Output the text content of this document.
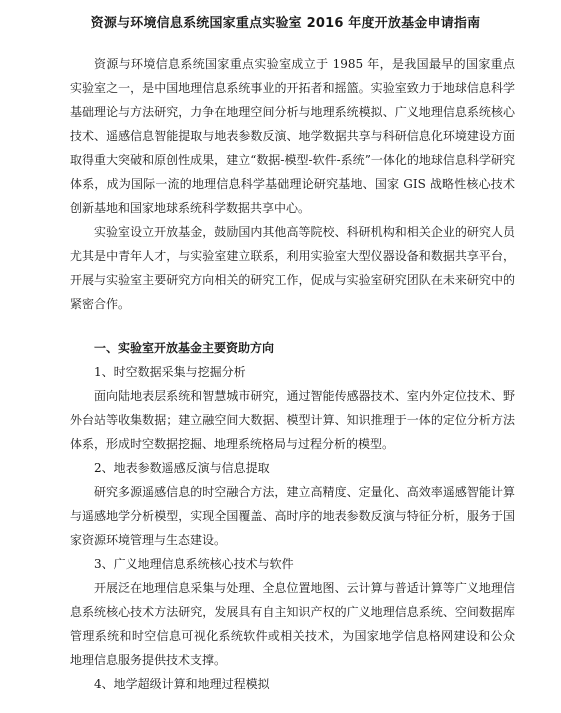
资源与环境信息系统国家重点实验室 2016 年度开放基金申请指南

资源与环境信息系统国家重点实验室成立于 1985 年，是我国最早的国家重点实验室之一，是中国地理信息系统事业的开拓者和摇篮。实验室致力于地球信息科学基础理论与方法研究，力争在地理空间分析与地理系统模拟、广义地理信息系统核心技术、遥感信息智能提取与地表参数反演、地学数据共享与科研信息化环境建设方面取得重大突破和原创性成果，建立“数据-模型-软件-系统”一体化的地球信息科学研究体系，成为国际一流的地理信息科学基础理论研究基地、国家 GIS 战略性核心技术创新基地和国家地球系统科学数据共享中心。

实验室设立开放基金，鼓励国内其他高等院校、科研机构和相关企业的研究人员尤其是中青年人才，与实验室建立联系，利用实验室大型仪器设备和数据共享平台，开展与实验室主要研究方向相关的研究工作，促成与实验室研究团队在未来研究中的紧密合作。

一、实验室开放基金主要资助方向
1、时空数据采集与挖掘分析

面向陆地表层系统和智慧城市研究，通过智能传感器技术、室内外定位技术、野外台站等收集数据；建立融空间大数据、模型计算、知识推理于一体的定位分析方法体系，形成时空数据挖掘、地理系统格局与过程分析的模型。

2、地表参数遥感反演与信息提取

研究多源遥感信息的时空融合方法，建立高精度、定量化、高效率遥感智能计算与遥感地学分析模型，实现全国覆盖、高时序的地表参数反演与特征分析，服务于国家资源环境管理与生态建设。

3、广义地理信息系统核心技术与软件

开展泛在地理信息采集与处理、全息位置地图、云计算与普适计算等广义地理信息系统核心技术方法研究，发展具有自主知识产权的广义地理信息系统、空间数据库管理系统和时空信息可视化系统软件或相关技术，为国家地学信息格网建设和公众 地理信息服务提供技术支撑。

4、地学超级计算和地理过程模拟
